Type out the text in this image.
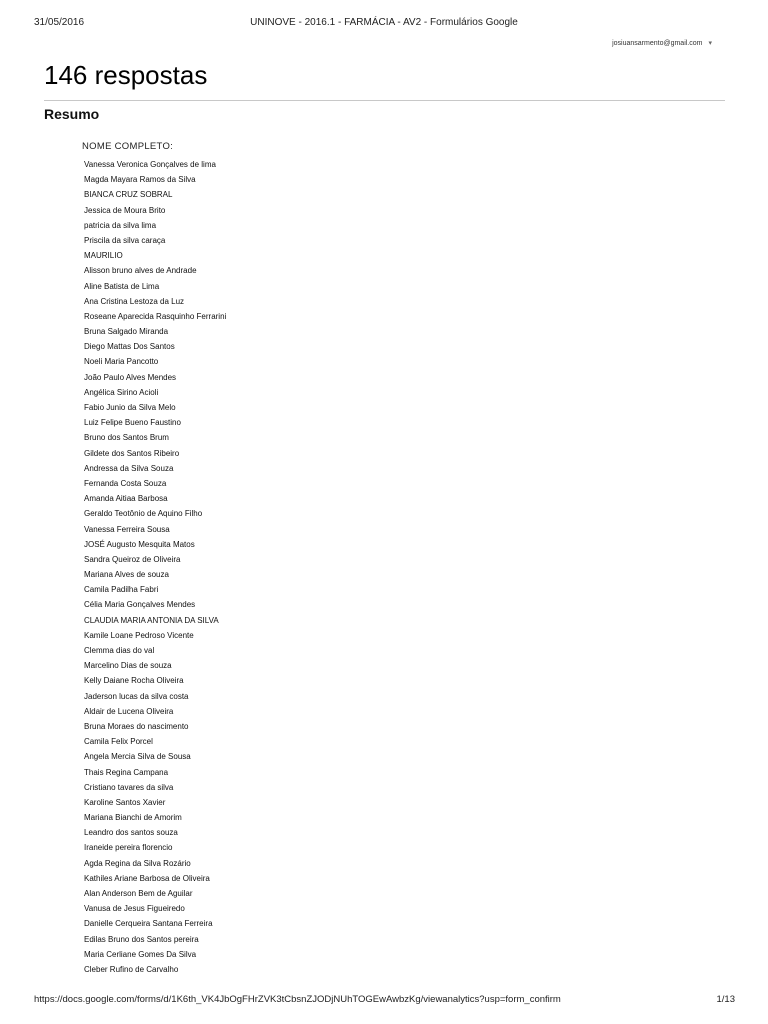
31/05/2016	UNINOVE - 2016.1 - FARMÁCIA - AV2 - Formulários Google
josiuansarmento@gmail.com ▾
146 respostas
Resumo
NOME COMPLETO:
Vanessa Veronica Gonçalves de lima
Magda Mayara Ramos da Silva
BIANCA CRUZ SOBRAL
Jessica de Moura Brito
patricia da silva lima
Priscila da silva caraça
MAURILIO
Alisson bruno alves de Andrade
Aline Batista de Lima
Ana Cristina Lestoza da Luz
Roseane Aparecida Rasquinho Ferrarini
Bruna Salgado Miranda
Diego Mattas Dos Santos
Noeli Maria Pancotto
João Paulo Alves Mendes
Angélica Sirino Acioli
Fabio Junio da Silva Melo
Luiz Felipe Bueno Faustino
Bruno dos Santos Brum
Gildete dos Santos Ribeiro
Andressa da Silva Souza
Fernanda Costa Souza
Amanda Aitiaa Barbosa
Geraldo Teotônio de Aquino Filho
Vanessa Ferreira Sousa
JOSÉ Augusto Mesquita Matos
Sandra Queiroz de Oliveira
Mariana Alves de souza
Camila Padilha Fabri
Célia Maria Gonçalves Mendes
CLAUDIA MARIA ANTONIA DA SILVA
Kamile Loane Pedroso Vicente
Clemma dias do val
Marcelino Dias de souza
Kelly Daiane Rocha Oliveira
Jaderson lucas da silva costa
Aldair de Lucena Oliveira
Bruna Moraes do nascimento
Camila Felix Porcel
Angela Mercia Silva de Sousa
Thais Regina Campana
Cristiano tavares da silva
Karoline Santos Xavier
Mariana Bianchi de Amorim
Leandro dos santos souza
Iraneide pereira florencio
Agda Regina da Silva Rozário
Kathiles Ariane Barbosa de Oliveira
Alan Anderson Bem de Aguilar
Vanusa de Jesus Figueiredo
Danielle Cerqueira Santana Ferreira
Edilas Bruno dos Santos pereira
Maria Cerliane Gomes Da Silva
Cleber Rufino de Carvalho
https://docs.google.com/forms/d/1K6th_VK4JbOgFHrZVK3tCbsnZJODjNUhTOGEwAwbzKg/viewanalytics?usp=form_confirm	1/13
